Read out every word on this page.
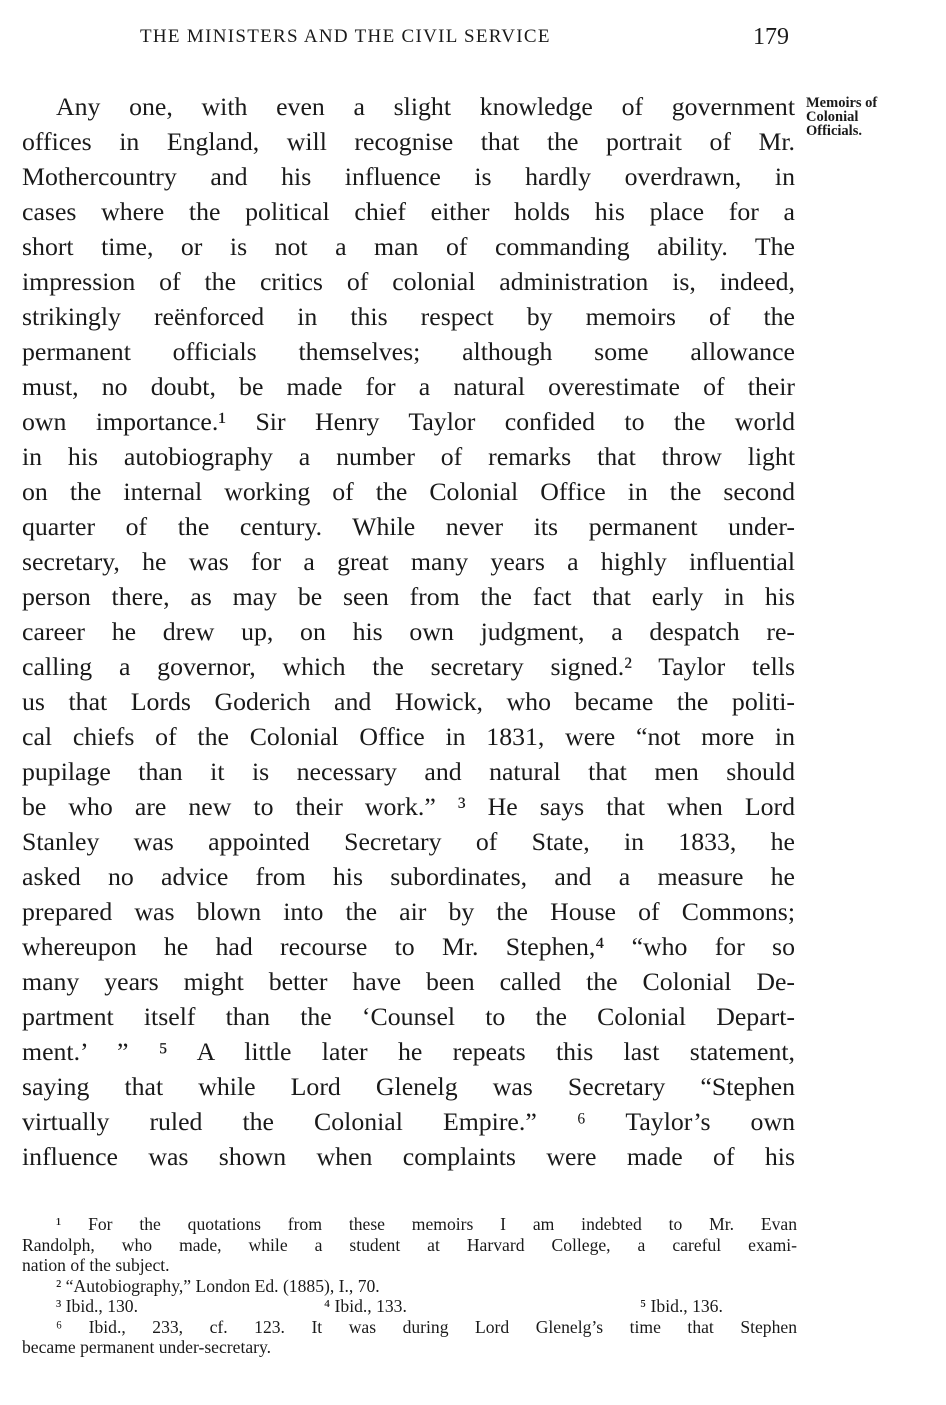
THE MINISTERS AND THE CIVIL SERVICE	179
Memoirs of
Colonial
Officials.
Any one, with even a slight knowledge of government
offices in England, will recognise that the portrait of Mr.
Mothercountry and his influence is hardly overdrawn, in
cases where the political chief either holds his place for a
short time, or is not a man of commanding ability. The
impression of the critics of colonial administration is, indeed,
strikingly reënforced in this respect by memoirs of the
permanent officials themselves; although some allowance
must, no doubt, be made for a natural overestimate of their
own importance.¹ Sir Henry Taylor confided to the world
in his autobiography a number of remarks that throw light
on the internal working of the Colonial Office in the second
quarter of the century. While never its permanent under-
secretary, he was for a great many years a highly influential
person there, as may be seen from the fact that early in his
career he drew up, on his own judgment, a despatch re-
calling a governor, which the secretary signed.² Taylor tells
us that Lords Goderich and Howick, who became the politi-
cal chiefs of the Colonial Office in 1831, were “not more in
pupilage than it is necessary and natural that men should
be who are new to their work.” ³ He says that when Lord
Stanley was appointed Secretary of State, in 1833, he
asked no advice from his subordinates, and a measure he
prepared was blown into the air by the House of Commons;
whereupon he had recourse to Mr. Stephen,⁴ “who for so
many years might better have been called the Colonial De-
partment itself than the ‘Counsel to the Colonial Depart-
ment.’ ” ⁵ A little later he repeats this last statement,
saying that while Lord Glenelg was Secretary “Stephen
virtually ruled the Colonial Empire.” ⁶ Taylor’s own
influence was shown when complaints were made of his
¹ For the quotations from these memoirs I am indebted to Mr. Evan
Randolph, who made, while a student at Harvard College, a careful exami-
nation of the subject.
² “Autobiography,” London Ed. (1885), I., 70.
³ Ibid., 130.	⁴ Ibid., 133.	⁵ Ibid., 136.
⁶ Ibid., 233, cf. 123. It was during Lord Glenelg’s time that Stephen
became permanent under-secretary.
